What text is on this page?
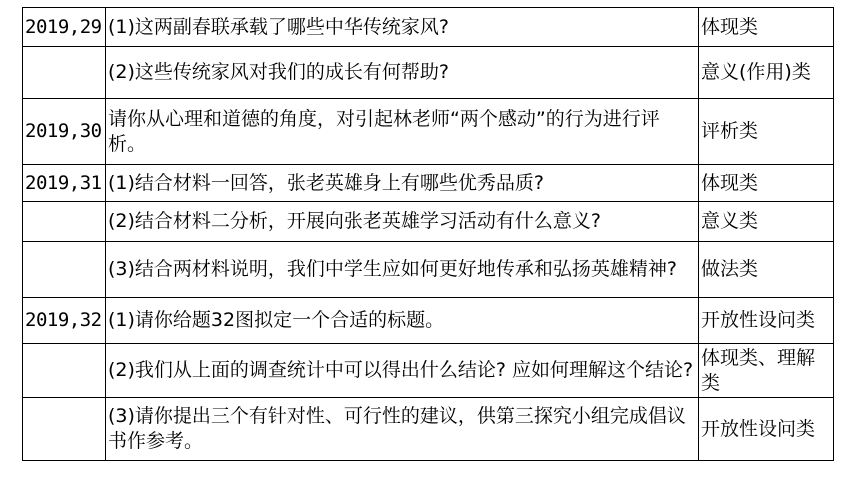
2019,29	(1)这两副春联承载了哪些中华传统家风?	体现类
	(2)这些传统家风对我们的成长有何帮助?	意义(作用)类
2019,30	请你从心理和道德的角度，对引起林老师“两个感动”的行为进行评析。	评析类
2019,31	(1)结合材料一回答，张老英雄身上有哪些优秀品质?	体现类
	(2)结合材料二分析，开展向张老英雄学习活动有什么意义?	意义类
	(3)结合两材料说明，我们中学生应如何更好地传承和弘扬英雄精神?	做法类
2019,32	(1)请你给题32图拟定一个合适的标题。	开放性设问类
	(2)我们从上面的调查统计中可以得出什么结论? 应如何理解这个结论?	体现类、理解类
	(3)请你提出三个有针对性、可行性的建议，供第三探究小组完成倡议书作参考。	开放性设问类
